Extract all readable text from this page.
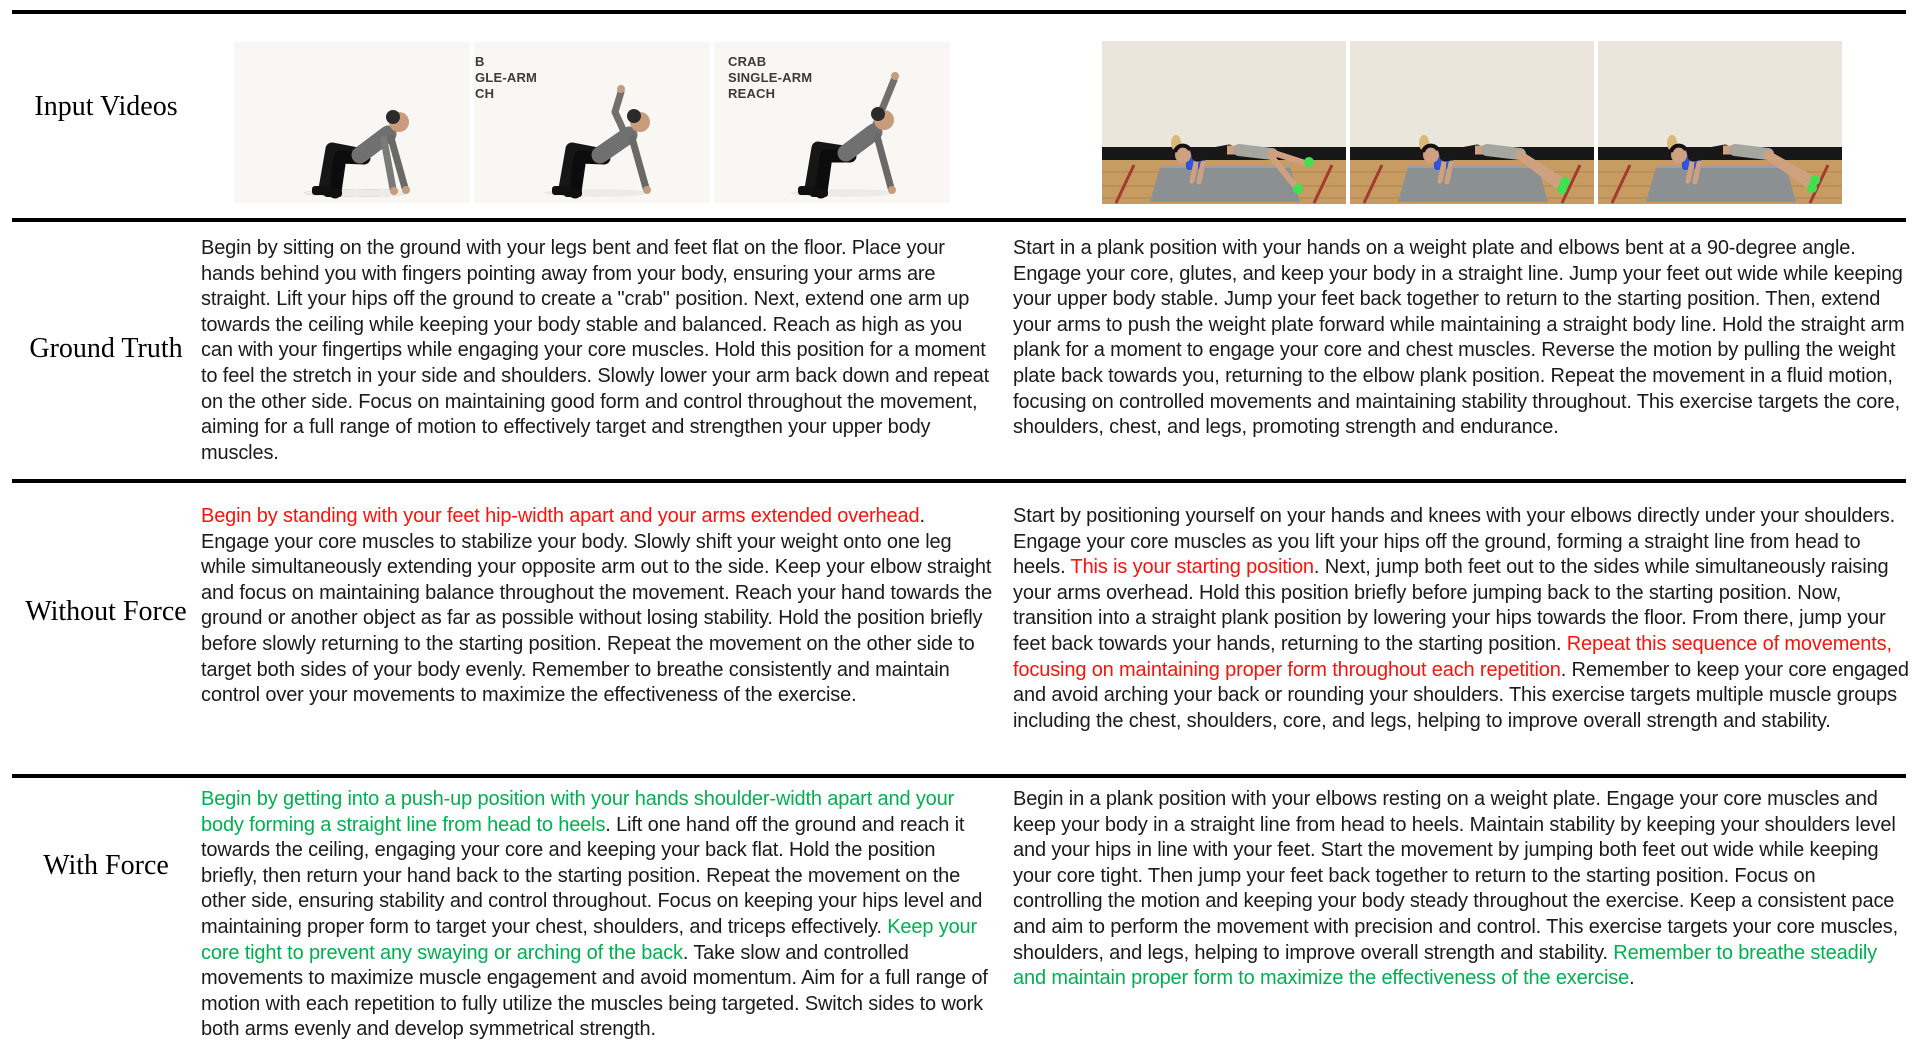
Input Videos
Ground Truth
Without Force
With Force
B
GLE-ARM
CH
CRAB
SINGLE-ARM
REACH
Begin by sitting on the ground with your legs bent and feet flat on the floor. Place your hands behind you with fingers pointing away from your body, ensuring your arms are straight. Lift your hips off the ground to create a "crab" position. Next, extend one arm up towards the ceiling while keeping your body stable and balanced. Reach as high as you can with your fingertips while engaging your core muscles. Hold this position for a moment to feel the stretch in your side and shoulders. Slowly lower your arm back down and repeat on the other side. Focus on maintaining good form and control throughout the movement, aiming for a full range of motion to effectively target and strengthen your upper body muscles.
Start in a plank position with your hands on a weight plate and elbows bent at a 90-degree angle. Engage your core, glutes, and keep your body in a straight line. Jump your feet out wide while keeping your upper body stable. Jump your feet back together to return to the starting position. Then, extend your arms to push the weight plate forward while maintaining a straight body line. Hold the straight arm plank for a moment to engage your core and chest muscles. Reverse the motion by pulling the weight plate back towards you, returning to the elbow plank position. Repeat the movement in a fluid motion, focusing on controlled movements and maintaining stability throughout. This exercise targets the core, shoulders, chest, and legs, promoting strength and endurance.
Begin by standing with your feet hip-width apart and your arms extended overhead. Engage your core muscles to stabilize your body. Slowly shift your weight onto one leg while simultaneously extending your opposite arm out to the side. Keep your elbow straight and focus on maintaining balance throughout the movement. Reach your hand towards the ground or another object as far as possible without losing stability. Hold the position briefly before slowly returning to the starting position. Repeat the movement on the other side to target both sides of your body evenly. Remember to breathe consistently and maintain control over your movements to maximize the effectiveness of the exercise.
Start by positioning yourself on your hands and knees with your elbows directly under your shoulders. Engage your core muscles as you lift your hips off the ground, forming a straight line from head to heels. This is your starting position. Next, jump both feet out to the sides while simultaneously raising your arms overhead. Hold this position briefly before jumping back to the starting position. Now, transition into a straight plank position by lowering your hips towards the floor. From there, jump your feet back towards your hands, returning to the starting position. Repeat this sequence of movements, focusing on maintaining proper form throughout each repetition. Remember to keep your core engaged and avoid arching your back or rounding your shoulders. This exercise targets multiple muscle groups including the chest, shoulders, core, and legs, helping to improve overall strength and stability.
Begin by getting into a push-up position with your hands shoulder-width apart and your body forming a straight line from head to heels. Lift one hand off the ground and reach it towards the ceiling, engaging your core and keeping your back flat. Hold the position briefly, then return your hand back to the starting position. Repeat the movement on the other side, ensuring stability and control throughout. Focus on keeping your hips level and maintaining proper form to target your chest, shoulders, and triceps effectively. Keep your core tight to prevent any swaying or arching of the back. Take slow and controlled movements to maximize muscle engagement and avoid momentum. Aim for a full range of motion with each repetition to fully utilize the muscles being targeted. Switch sides to work both arms evenly and develop symmetrical strength.
Begin in a plank position with your elbows resting on a weight plate. Engage your core muscles and keep your body in a straight line from head to heels. Maintain stability by keeping your shoulders level and your hips in line with your feet. Start the movement by jumping both feet out wide while keeping your core tight. Then jump your feet back together to return to the starting position. Focus on controlling the motion and keeping your body steady throughout the exercise. Keep a consistent pace and aim to perform the movement with precision and control. This exercise targets your core muscles, shoulders, and legs, helping to improve overall strength and stability. Remember to breathe steadily and maintain proper form to maximize the effectiveness of the exercise.
